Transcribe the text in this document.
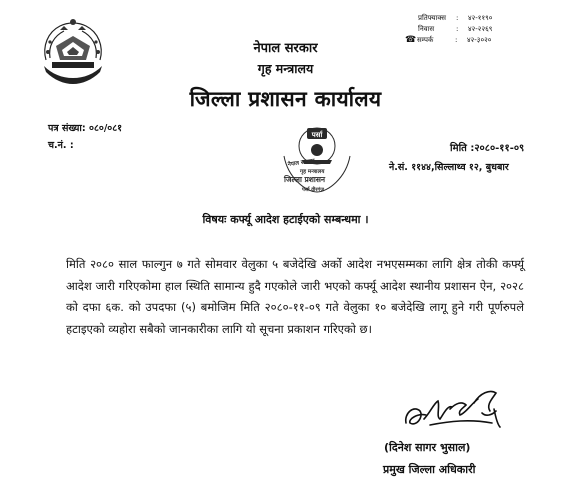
नेपाल सरकार
गृह मन्त्रालय
जिल्ला प्रशासन कार्यालय
प्रतिफ्याक्स	:	४२-११९०
निवास	:	४२-२२६९
☎ सम्पर्क	:	४२-३०२०
पत्र संख्या: ०८०/०८१
च.नं. :
पर्सा
नेपाल सरकार
गृह मन्त्रालय
जिल्ला प्रशासन
पर्सा वीरगंज
मिति :२०८०-११-०९
ने.सं. ११४४,सिल्लाथ्व १२, बुधबार
विषयः कर्फ्यू आदेश हटाईएको सम्बन्धमा ।
मिति २०८० साल फाल्गुन ७ गते सोमवार वेलुका ५ बजेदेखि अर्को आदेश नभएसम्मका लागि क्षेत्र तोकी कर्फ्यू आदेश जारी गरिएकोमा हाल स्थिति सामान्य हुदै गएकोले जारी भएको कर्फ्यू आदेश स्थानीय प्रशासन ऐन, २०२८ को दफा ६क. को उपदफा (५) बमोजिम मिति २०८०-११-०९ गते वेलुका १० बजेदेखि लागू हुने गरी पूर्णरुपले हटाइएको व्यहोरा सबैको जानकारीका लागि यो सूचना प्रकाशन गरिएको छ।
(दिनेश सागर भुसाल)
प्रमुख जिल्ला अधिकारी
